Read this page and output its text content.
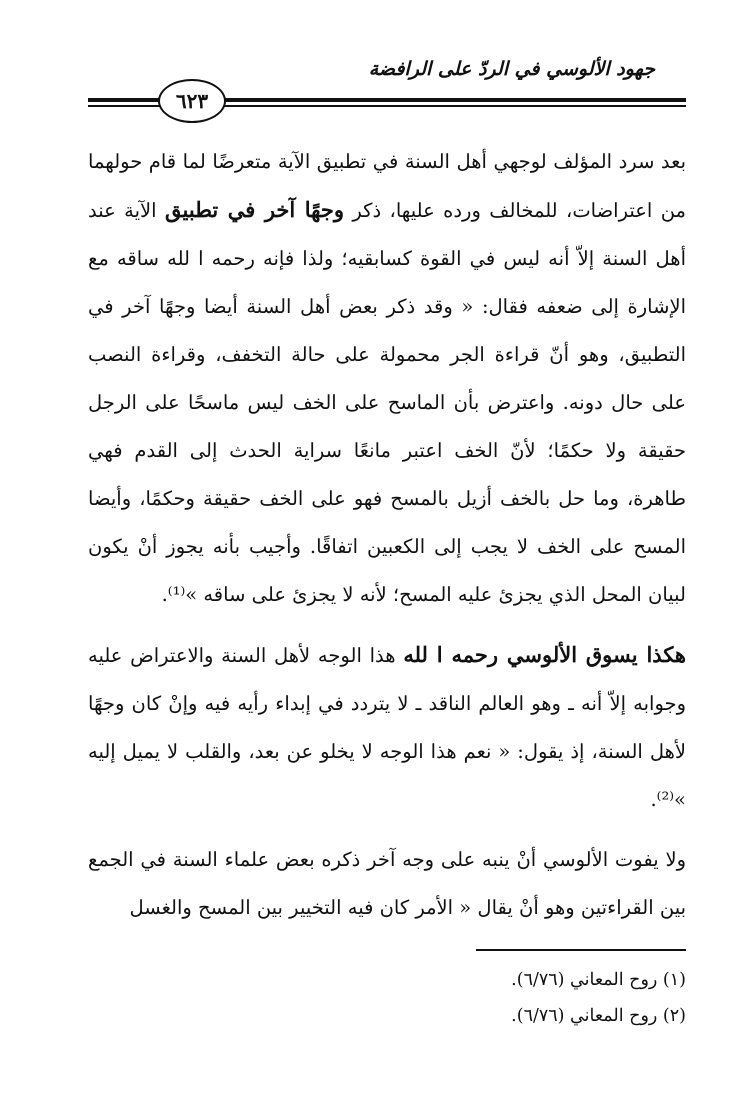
جهود الألوسي في الردّ على الرافضة
٦٢٣

بعد سرد المؤلف لوجهي أهل السنة في تطبيق الآية متعرضًا لما قام حولهما من اعتراضات، للمخالف ورده عليها، ذكر وجهًا آخر في تطبيق الآية عند أهل السنة إلاّ أنه ليس في القوة كسابقيه؛ ولذا فإنه رحمه ا لله ساقه مع الإشارة إلى ضعفه فقال: « وقد ذكر بعض أهل السنة أيضا وجهًا آخر في التطبيق، وهو أنّ قراءة الجر محمولة على حالة التخفف، وقراءة النصب على حال دونه. واعترض بأن الماسح على الخف ليس ماسحًا على الرجل حقيقة ولا حكمًا؛ لأنّ الخف اعتبر مانعًا سراية الحدث إلى القدم فهي طاهرة، وما حل بالخف أزيل بالمسح فهو على الخف حقيقة وحكمًا، وأيضا المسح على الخف لا يجب إلى الكعبين اتفاقًا. وأجيب بأنه يجوز أنْ يكون لبيان المحل الذي يجزئ عليه المسح؛ لأنه لا يجزئ على ساقه »⁽¹⁾.

هكذا يسوق الألوسي رحمه ا لله هذا الوجه لأهل السنة والاعتراض عليه وجوابه إلاّ أنه ـ وهو العالم الناقد ـ لا يتردد في إبداء رأيه فيه وإنْ كان وجهًا لأهل السنة، إذ يقول: « نعم هذا الوجه لا يخلو عن بعد، والقلب لا يميل إليه »⁽²⁾.

ولا يفوت الألوسي أنْ ينبه على وجه آخر ذكره بعض علماء السنة في الجمع بين القراءتين وهو أنْ يقال « الأمر كان فيه التخيير بين المسح والغسل

(١) روح المعاني (٦/٧٦).

(٢) روح المعاني (٦/٧٦).
